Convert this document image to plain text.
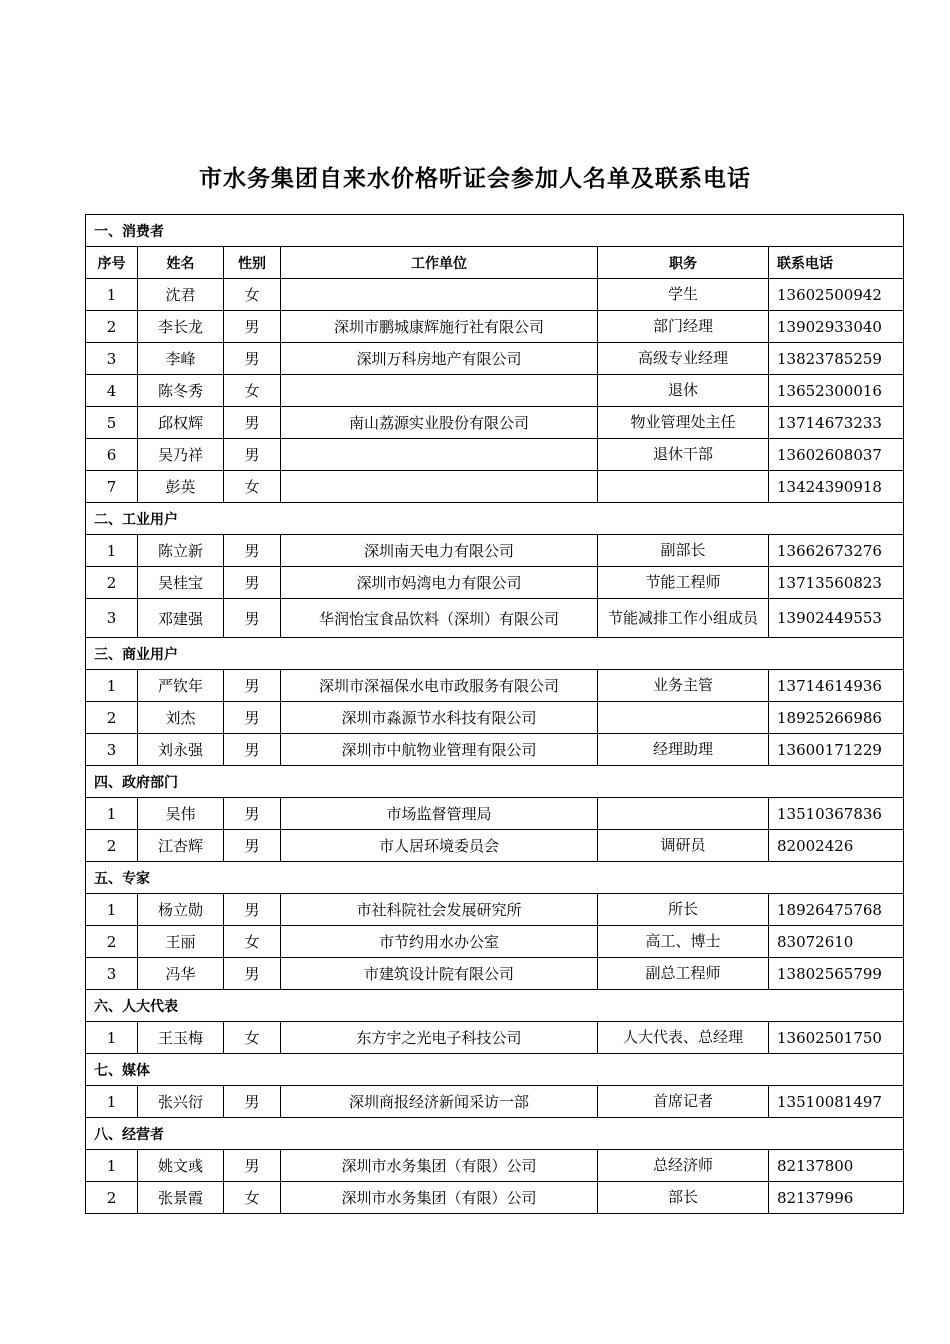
市水务集团自来水价格听证会参加人名单及联系电话
一、消费者					
序号	姓名	性别	工作单位	职务	联系电话
1	沈君	女		学生	13602500942
2	李长龙	男	深圳市鹏城康辉施行社有限公司	部门经理	13902933040
3	李峰	男	深圳万科房地产有限公司	高级专业经理	13823785259
4	陈冬秀	女		退休	13652300016
5	邱权辉	男	南山荔源实业股份有限公司	物业管理处主任	13714673233
6	吴乃祥	男		退休干部	13602608037
7	彭英	女			13424390918
二、工业用户					
1	陈立新	男	深圳南天电力有限公司	副部长	13662673276
2	吴桂宝	男	深圳市妈湾电力有限公司	节能工程师	13713560823
3	邓建强	男	华润怡宝食品饮料（深圳）有限公司	节能减排工作小组成员	13902449553
三、商业用户					
1	严钦年	男	深圳市深福保水电市政服务有限公司	业务主管	13714614936
2	刘杰	男	深圳市淼源节水科技有限公司		18925266986
3	刘永强	男	深圳市中航物业管理有限公司	经理助理	13600171229
四、政府部门					
1	吴伟	男	市场监督管理局		13510367836
2	江杏辉	男	市人居环境委员会	调研员	82002426
五、专家					
1	杨立勋	男	市社科院社会发展研究所	所长	18926475768
2	王丽	女	市节约用水办公室	高工、博士	83072610
3	冯华	男	市建筑设计院有限公司	副总工程师	13802565799
六、人大代表					
1	王玉梅	女	东方宇之光电子科技公司	人大代表、总经理	13602501750
七、媒体					
1	张兴衍	男	深圳商报经济新闻采访一部	首席记者	13510081497
八、经营者					
1	姚文彧	男	深圳市水务集团（有限）公司	总经济师	82137800
2	张景霞	女	深圳市水务集团（有限）公司	部长	82137996
